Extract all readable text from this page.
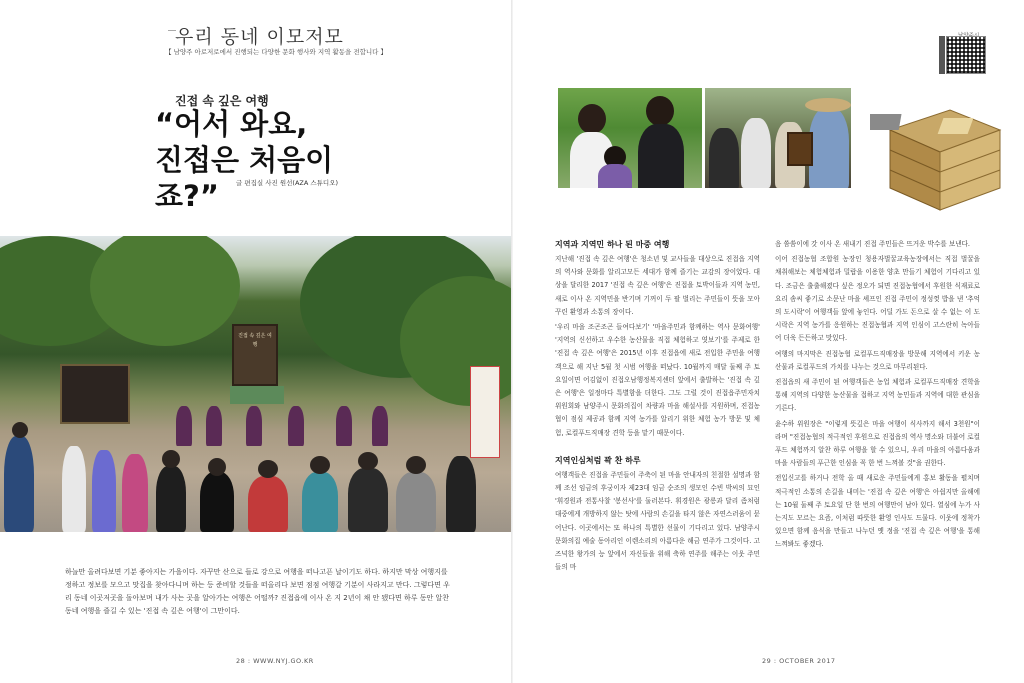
우리 동네 이모저모
【 남양주 아로저로에서 진행되는 다양한 문화 행사와 지역 활동을 전합니다 】
진접 속 깊은 여행
“어서 와요,
진접은 처음이죠?”	글 편집실 사진 원선(AZA 스튜디오)
진접 속 깊은 여행

하늘만 올려다보면 기분 좋아지는 가을이다. 자꾸만 산으로 들로 강으로 여행을 떠나고픈 날이기도 하다. 하지만 막상 여행지를 정하고 정보를 모으고 맛집을 찾아다니며 하는 등 준비할 것들을 떠올리다 보면 점점 여행갈 기분이 사라지고 만다. 그렇다면 우리 동네 이곳저곳을 돌아보며 내가 사는 곳을 알아가는 여행은 어떨까? 진접읍에 이사 온 지 2년이 채 안 됐다면 하루 동안 알찬 동네 여행을 즐길 수 있는 '진접 속 깊은 여행'이 그만이다.

28 : WWW.NYJ.GO.KR
지역과 지역민 하나 된 마중 여행

지난해 '진접 속 깊은 여행'은 청소년 및 교사들을 대상으로 진접읍 지역의 역사와 문화를 알리고모든 세대가 함께 즐기는 교감의 장이었다. 대상을 달리한 2017 '진접 속 깊은 여행'은 진접을 토박이들과 지역 농민, 새로 이사 온 지역민을 반기며 기꺼이 두 팔 벌리는 주민들이 뜻을 모아 꾸린 환영과 소통의 장이다.

'우리 마을 조곤조곤 들여다보기' '마을주민과 함께하는 역사 문화여행' '지역의 신선하고 우수한 농산물을 직접 체험하고 엿보기'를 주제로 한 '진접 속 깊은 여행'은 2015년 이후 진접읍에 새로 전입한 주민을 여행객으로 해 지난 5월 첫 시범 여행을 떠났다. 10월까지 매달 둘째 주 토요일이면 어김없이 진접오남행정복지센터 앞에서 출발하는 '진접 속 깊은 여행'은 일정마다 특별함을 더한다. 그도 그럴 것이 진접읍주민자치위원회와 남양주시 문화의집이 차량과 마을 해설사를 지원하며, 진접농협이 점심 제공과 함께 지역 농가를 알리기 위한 체험 농가 방문 및 체험, 로컬푸드직매장 견학 등을 맡기 때문이다.

지역인심처럼 꽉 찬 하루

여행객들은 진접을 주민들이 주축이 된 마을 안내자의 친절한 설명과 함께 조선 임금의 후궁이자 제23대 임금 순조의 생모인 수빈 박씨의 묘인 '휘경원과 전통사찰 '봉선사'를 둘러본다. 휘경원은 광릉과 달리 좀처럼 대중에게 개방하지 않는 탓에 사람의 손길을 타지 않은 자연스러움이 묻어난다. 이곳에서는 또 하나의 특별한 선물이 기다리고 있다. 남양주시 문화의집 예술 동아리인 이렌소리의 아름다운 해금 연주가 그것이다. 고즈넉한 왕가의 능 앞에서 자신들을 위해 축하 연주를 해주는 이웃 주민들의 마

음 씀씀이에 갓 이사 온 새내기 진접 주민들은 뜨거운 박수를 보낸다.

이어 진접농협 조합원 농장인 청용자벌꿀교육농장에서는 직접 벌꿀을 채취해보는 체험체험과 밀랍을 이용한 양초 만들기 체험이 기다리고 있다. 조금은 출출해졌다 싶은 정오가 되면 진접농협에서 후원한 식재료로 요리 솜씨 좋기로 소문난 마을 셰프인 진접 주민이 정성껏 밥을 낸 '추억의 도시락'이 여행객들 앞에 놓인다. 어딜 가도 돈으로 살 수 없는 이 도시락은 지역 농가를 응원하는 진접농협과 지역 인심이 고스란히 녹아들어 더욱 든든하고 맛있다.

여행의 마지막은 진접농협 로컬푸드직매장을 방문해 지역에서 키운 농산물과 로컬푸드의 가치를 나누는 것으로 마무리된다.

진접읍의 새 주민이 된 여행객들은 농업 체험과 로컬푸드직매장 견학을 통해 지역의 다양한 농산물을 접하고 지역 농민들과 지역에 대한 관심을 기른다.

윤수하 위원장은 "이렇게 뜻깊은 마을 여행이 식사까지 해서 3천원"이라며 "진접농협의 적극적인 후원으로 진접읍의 역사 명소와 더불어 로컬푸드 체험까지 알찬 하루 여행을 할 수 있으니, 우리 마을의 아름다움과 마을 사람들의 푸근한 인심을 꼭 한 번 느껴볼 것"을 권한다.

전입신고를 하거나 전학 올 때 새로운 주민들에게 홍보 활동을 펼치며 적극적인 소통의 손길을 내미는 '진접 속 깊은 여행'은 아쉽지만 올해에는 10월 둘째 주 토요일 단 한 번의 여행만이 남아 있다. 열심에 누가 사는지도 모르는 요즘, 이처럼 따뜻한 환영 인사도 드물다. 이웃에 정착가 있으면 함께 음식을 만들고 나누던 옛 정을 '진접 속 깊은 여행'을 통해 느껴봐도 좋겠다.

29 : OCTOBER 2017
